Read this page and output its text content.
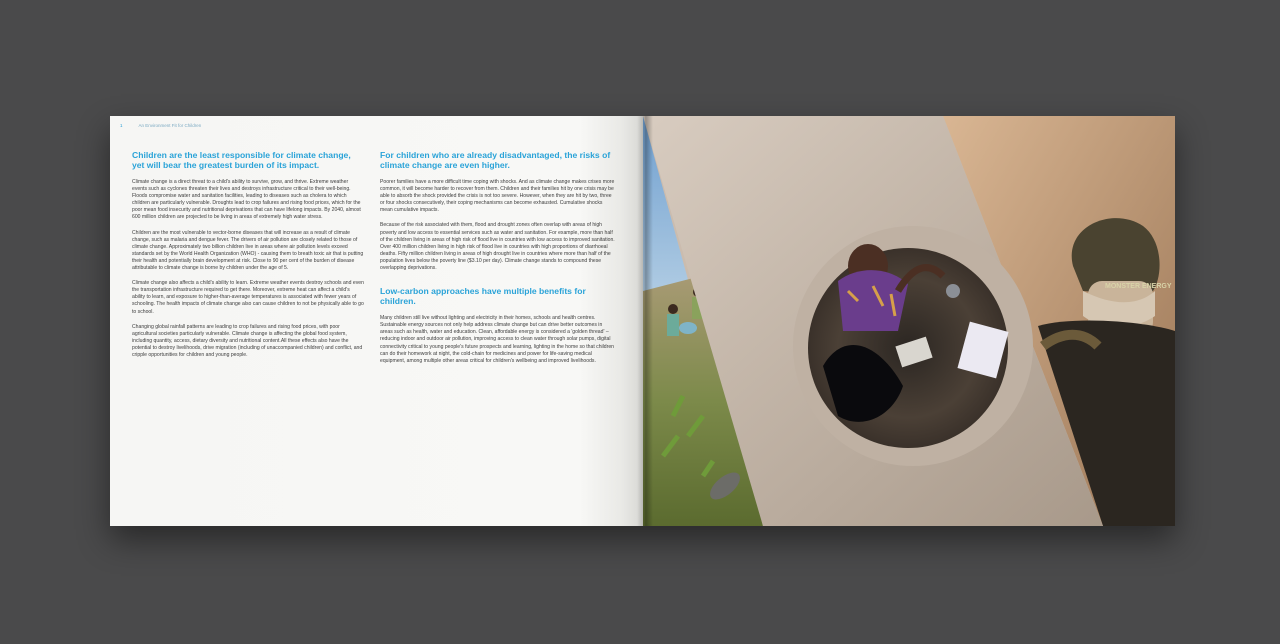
1	An Environment Fit for Children
Children are the least responsible for climate change, yet will bear the greatest burden of its impact.

Climate change is a direct threat to a child's ability to survive, grow, and thrive. Extreme weather events such as cyclones threaten their lives and destroys infrastructure critical to their well-being. Floods compromise water and sanitation facilities, leading to diseases such as cholera to which children are particularly vulnerable. Droughts lead to crop failures and rising food prices, which for the poor mean food insecurity and nutritional deprivations that can have lifelong impacts. By 2040, almost 600 million children are projected to be living in areas of extremely high water stress.

Children are the most vulnerable to vector-borne diseases that will increase as a result of climate change, such as malaria and dengue fever. The drivers of air pollution are closely related to those of climate change. Approximately two billion children live in areas where air pollution levels exceed standards set by the World Health Organization (WHO) - causing them to breath toxic air that is putting their health and potentially brain development at risk. Close to 90 per cent of the burden of disease attributable to climate change is borne by children under the age of 5.

Climate change also affects a child's ability to learn. Extreme weather events destroy schools and even the transportation infrastructure required to get there. Moreover, extreme heat can affect a child's ability to learn, and exposure to higher-than-average temperatures is associated with fewer years of schooling. The health impacts of climate change also can cause children to not be physically able to go to school.

Changing global rainfall patterns are leading to crop failures and rising food prices, with poor agricultural societies particularly vulnerable. Climate change is affecting the global food system, including quantity, access, dietary diversity and nutritional content.All these effects also have the potential to destroy livelihoods, drive migration (including of unaccompanied children) and conflict, and cripple opportunities for children and young people.

For children who are already disadvantaged, the risks of climate change are even higher.

Poorer families have a more difficult time coping with shocks. And as climate change makes crises more common, it will become harder to recover from them. Children and their families hit by one crisis may be able to absorb the shock provided the crisis is not too severe. However, when they are hit by two, three or four shocks consecutively, their coping mechanisms can become exhausted. Cumulative shocks mean cumulative impacts.

Because of the risk associated with them, flood and drought zones often overlap with areas of high poverty and low access to essential services such as water and sanitation. For example, more than half of the children living in areas of high risk of flood live in countries with low access to improved sanitation. Over 400 million children living in high risk of flood live in countries with high proportions of diarrhoeal deaths. Fifty million children living in areas of high drought live in countries where more than half of the population lives below the poverty line ($3.10 per day). Climate change stands to compound these overlapping deprivations.

Low-carbon approaches have multiple benefits for children.

Many children still live without lighting and electricity in their homes, schools and health centres. Sustainable energy sources not only help address climate change but can drive better outcomes in areas such as health, water and education. Clean, affordable energy is considered a 'golden thread' – reducing indoor and outdoor air pollution, improving access to clean water through solar pumps, digital connectivity critical to young people's future prospects and learning, lighting in the home so that children can do their homework at night, the cold-chain for medicines and power for life-saving medical equipment, among multiple other areas critical for children's wellbeing and improved livelihoods.

MONSTER ENERGY
